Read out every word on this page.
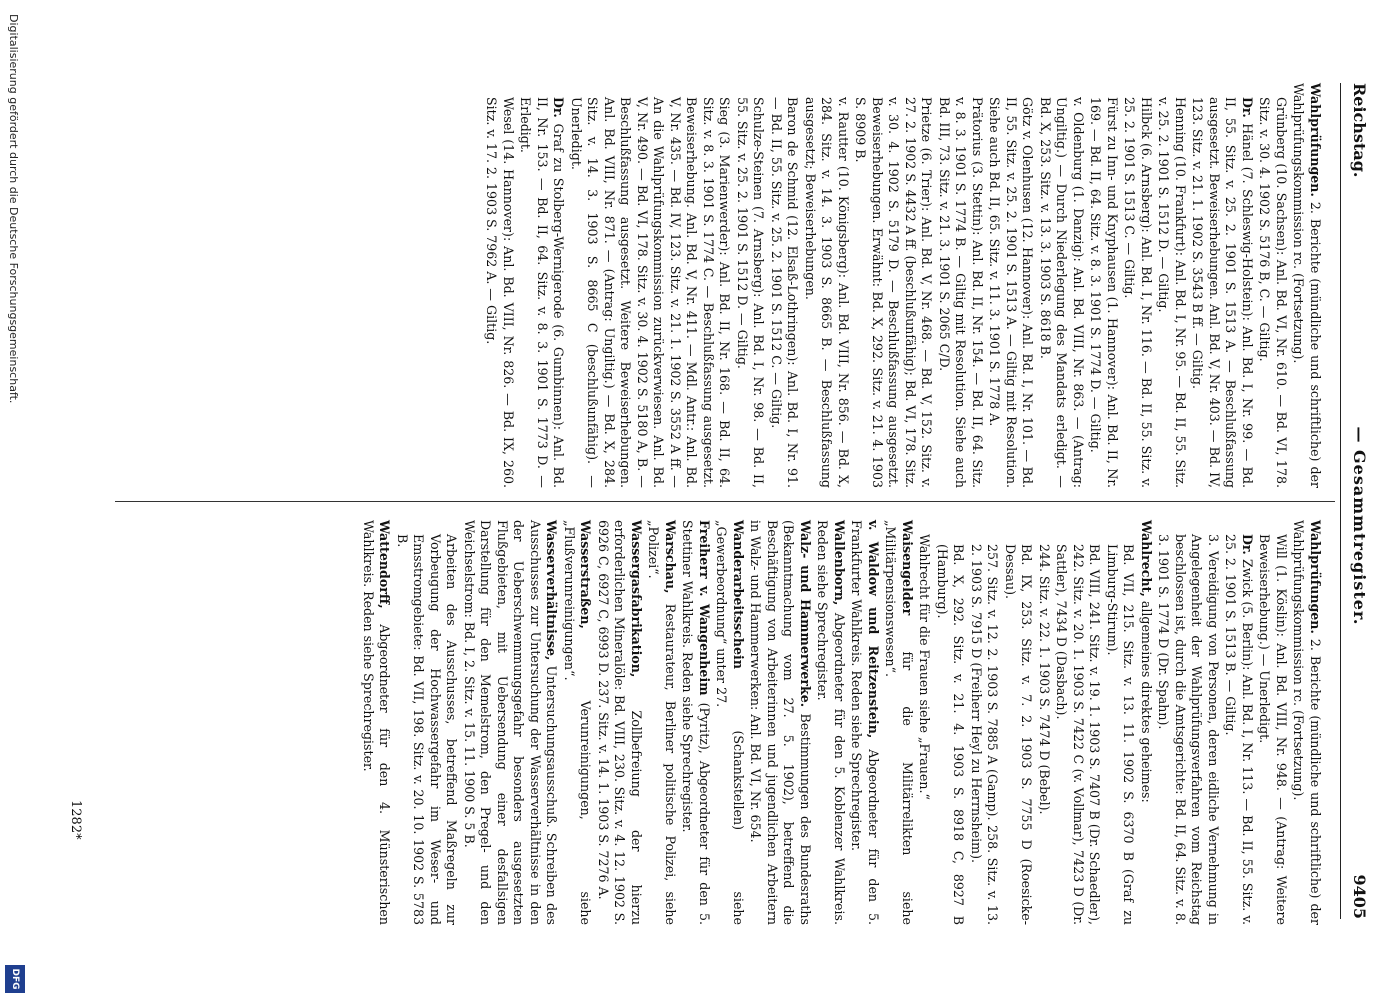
Reichstag.
— Gesammtregister.
9405

Wahlprüfungen. 2. Berichte (mündliche und schriftliche) der Wahlprüfungskommission rc. (Fortsetzung).

Grünberg (10. Sachsen): Anl. Bd. VI, Nr. 610. — Bd. VI, 178. Sitz. v. 30. 4. 1902 S. 5176 B, C. — Giltig.

Dr. Hänel (7. Schleswig-Holstein): Anl. Bd. I, Nr. 99. — Bd. II, 55. Sitz. v. 25. 2. 1901 S. 1513 A. — Beschlußfassung ausgesetzt. Beweiserhebungen. Anl. Bd. V, Nr. 403. — Bd. IV, 123. Sitz. v. 21. 1. 1902 S. 3543 B ff. — Giltig.

Henning (10. Frankfurt): Anl. Bd. I, Nr. 95. — Bd. II, 55. Sitz. v. 25. 2. 1901 S. 1512 D. — Giltig.

Hilbck (6. Arnsberg): Anl. Bd. I, Nr. 116. — Bd. II, 55. Sitz. v. 25. 2. 1901 S. 1513 C. — Giltig.

Fürst zu Inn- und Knyphausen (1. Hannover): Anl. Bd. II, Nr. 169. — Bd. II, 64. Sitz. v. 8. 3. 1901 S. 1774 D. — Giltig.

v. Oldenburg (1. Danzig): Anl. Bd. VIII, Nr. 863. — (Antrag: Ungiltig.) — Durch Niederlegung des Mandats erledigt. — Bd. X, 253. Sitz. v. 13. 3. 1903 S. 8618 B.

Götz v. Olenhusen (12. Hannover): Anl. Bd. I, Nr. 101. — Bd. II, 55. Sitz. v. 25. 2. 1901 S. 1513 A. — Giltig mit Resolution. Siehe auch Bd. II, 65. Sitz. v. 11. 3. 1901 S. 1778 A.

Prätorius (3. Stettin): Anl. Bd. II, Nr. 154. — Bd. II, 64. Sitz. v. 8. 3. 1901 S. 1774 B. — Giltig mit Resolution. Siehe auch Bd. III, 73. Sitz. v. 21. 3. 1901 S. 2065 C/D.

Prietze (6. Trier): Anl. Bd. V, Nr. 468. — Bd. V, 152. Sitz. v. 27. 2. 1902 S. 4432 A ff. (beschlußunfähig); Bd. VI, 178. Sitz. v. 30. 4. 1902 S. 5179 D. — Beschlußfassung ausgesetzt. Beweiserhebungen. Erwähnt: Bd. X, 292. Sitz. v. 21. 4. 1903 S. 8909 B.

v. Rautter (10. Königsberg): Anl. Bd. VIII, Nr. 856. — Bd. X, 284. Sitz. v. 14. 3. 1903 S. 8665 B. — Beschlußfassung ausgesetzt; Beweiserhebungen.

Baron de Schmid (12. Elsaß-Lothringen): Anl. Bd. I, Nr. 91. — Bd. II, 55. Sitz. v. 25. 2. 1901 S. 1512 C. — Giltig.

Schulze-Steinen (7. Arnsberg): Anl. Bd. I, Nr. 98. — Bd. II, 55. Sitz. v. 25. 2. 1901 S. 1512 D. — Giltig.

Sieg (3. Marienwerder): Anl. Bd. II, Nr. 168. — Bd. II, 64. Sitz. v. 8. 3. 1901 S. 1774 C. — Beschlußfassung ausgesetzt. Beweiserhebung. Anl. Bd. V, Nr. 411. — Mdl. Antr.: Anl. Bd. V, Nr. 435. — Bd. IV, 123. Sitz. v. 21. 1. 1902 S. 3552 A ff. — An die Wahlprüfungskommission zurückverwiesen. Anl. Bd. V, Nr. 490. — Bd. VI, 178. Sitz. v. 30. 4. 1902 S. 5180 A, B. — Beschlußfassung ausgesetzt. Weitere Beweiserhebungen. Anl. Bd. VIII, Nr. 871. — (Antrag: Ungiltig.) — Bd. X, 284. Sitz. v. 14. 3. 1903 S. 8665 C (beschlußunfähig). — Unerledigt.

Dr. Graf zu Stolberg-Wernigerode (6. Gumbinnen): Anl. Bd. II, Nr. 153. — Bd. II, 64. Sitz. v. 8. 3. 1901 S. 1773 D. — Erledigt.

Wesel (14. Hannover): Anl. Bd. VIII, Nr. 826. — Bd. IX, 260. Sitz. v. 17. 2. 1903 S. 7962 A. — Giltig.

Wahlprüfungen. 2. Berichte (mündliche und schriftliche) der Wahlprüfungskommission rc. (Fortsetzung).

Will (1. Köslin): Anl. Bd. VIII, Nr. 948. — (Antrag: Weitere Beweiserhebung.) — Unerledigt.

Dr. Zwick (5. Berlin): Anl. Bd. I, Nr. 113. — Bd. II, 55. Sitz. v. 25. 2. 1901 S. 1513 B. — Giltig.

3. Vereidigung von Personen, deren eidliche Vernehmung in Angelegenheit der Wahlprüfungsverfahren vom Reichstag beschlossen ist, durch die Amtsgerichte: Bd. II, 64. Sitz. v. 8. 3. 1901 S. 1774 D (Dr. Spahn).

Wahlrecht, allgemeines direktes geheimes:

Bd. VII, 215. Sitz. v. 13. 11. 1902 S. 6370 B (Graf zu Limburg-Stirum).

Bd. VIII, 241. Sitz. v. 19. 1. 1903 S. 7407 B (Dr. Schaedler), 242. Sitz. v. 20. 1. 1903 S. 7422 C (v. Vollmar), 7423 D (Dr. Sattler), 7434 D (Dasbach).

244. Sitz. v. 22. 1. 1903 S. 7474 D (Bebel).

Bd. IX, 253. Sitz. v. 7. 2. 1903 S. 7755 D (Roesicke-Dessau).

257. Sitz. v. 12. 2. 1903 S. 7885 A (Gamp). 258. Sitz. v. 13. 2. 1903 S. 7915 D (Freiherr Heyl zu Herrnsheim).

Bd. X, 292. Sitz. v. 21. 4. 1903 S. 8918 C, 8927 B (Hamburg).

Wahlrecht für die Frauen siehe „Frauen.“

Waisengelder für die Militärrelikten siehe „Militärpensionswesen“.

v. Waldow und Reitzenstein, Abgeordneter für den 5. Frankfurter Wahlkreis. Reden siehe Sprechregister.

Wallenborn, Abgeordneter für den 5. Koblenzer Wahlkreis. Reden siehe Sprechregister.

Walz- und Hammerwerke. Bestimmungen des Bundesraths (Bekanntmachung vom 27. 5. 1902), betreffend die Beschäftigung von Arbeiterinnen und jugendlichen Arbeitern in Walz- und Hammerwerken: Anl. Bd. VI, Nr. 654.

Wanderarbeitsschein (Schankstellen) siehe „Gewerbeordnung“ unter 27.

Freiherr v. Wangenheim (Pyritz), Abgeordneter für den 5. Stettiner Wahlkreis. Reden siehe Sprechregister.

Warschau, Restaurateur, Berliner politische Polizei, siehe „Polizei“.

Wassergasfabrikation, Zollbefreiung der hierzu erforderlichen Mineralöle: Bd. VIII, 230. Sitz. v. 4. 12. 1902 S. 6926 C, 6927 C, 6993 D. 237. Sitz. v. 14. 1. 1903 S. 7276 A.

Wasserstraßen, Verunreinigungen, siehe „Flußverunreinigungen“.

Wasserverhältnisse, Untersuchungsausschuß. Schreiben des Ausschusses zur Untersuchung der Wasserverhältnisse in den der Ueberschwemmungsgefahr besonders ausgesetzten Flußgebieten, mit Uebersendung einer desfallsigen Darstellung für den Memelstrom, den Pregel- und den Weichselstrom: Bd. I, 2. Sitz. v. 15. 11. 1900 S. 5 B.

Arbeiten des Ausschusses, betreffend Maßregeln zur Vorbeugung der Hochwassergefahr im Weser- und Emsstromgebiete: Bd. VII, 198. Sitz. v. 20. 10. 1902 S. 5783 B.

Wattendorff, Abgeordneter für den 4. Münsterischen Wahlkreis. Reden siehe Sprechregister.

1282*
Digitalisierung gefördert durch die Deutsche Forschungsgemeinschaft.
DFG
